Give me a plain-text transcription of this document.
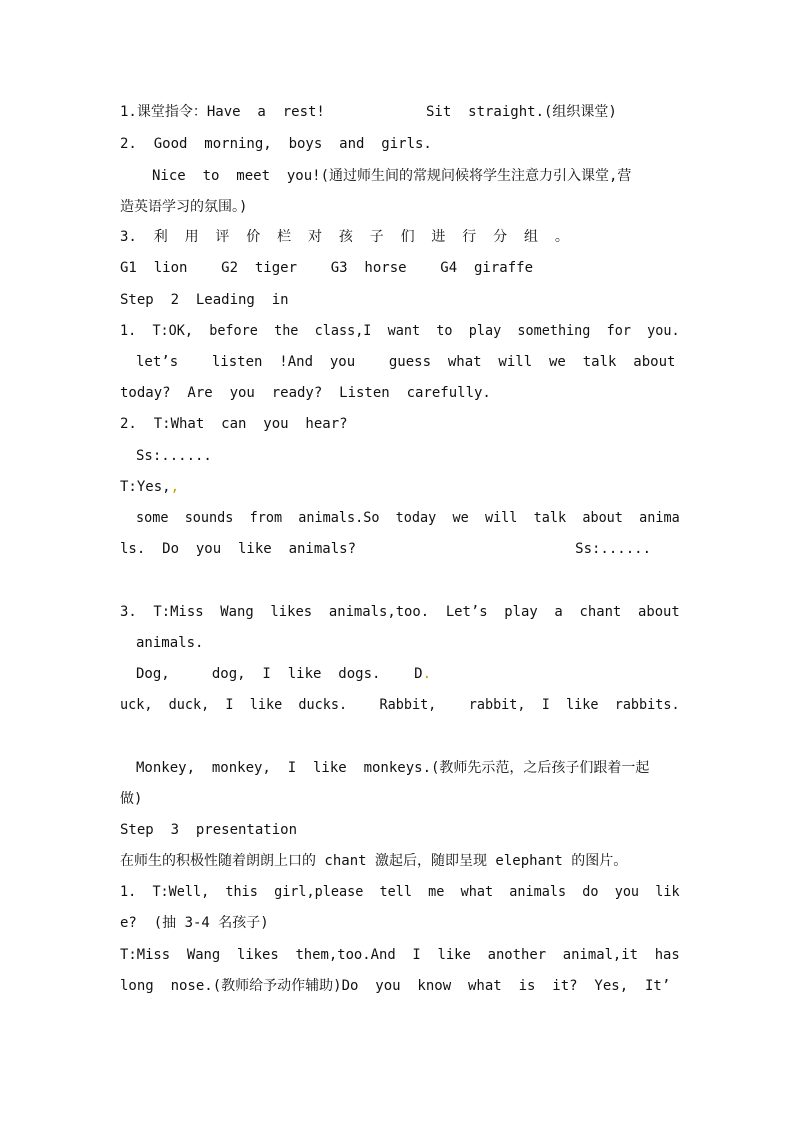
1.课堂指令：Have  a  rest!            Sit  straight.(组织课堂)
2.  Good  morning,  boys  and  girls.
Nice  to  meet  you!(通过师生间的常规问候将学生注意力引入课堂,营
造英语学习的氛围。)
3.  利  用  评  价  栏  对  孩  子  们  进  行  分  组  。
G1  lion    G2  tiger    G3  horse    G4  giraffe
Step  2  Leading  in
1.  T:OK,  before  the  class,I  want  to  play  something  for  you.
let’s    listen  !And  you    guess  what  will  we  talk  about
today?  Are  you  ready?  Listen  carefully.
2.  T:What  can  you  hear?
Ss:......
T:Yes,,
some  sounds  from  animals.So  today  we  will  talk  about  anima
ls.  Do  you  like  animals?                          Ss:......
3.  T:Miss  Wang  likes  animals,too.  Let’s  play  a  chant  about
animals.
Dog,     dog,  I  like  dogs.    D.
uck,  duck,  I  like  ducks.    Rabbit,    rabbit,  I  like  rabbits.
Monkey,  monkey,  I  like  monkeys.(教师先示范，之后孩子们跟着一起
做)
Step  3  presentation
在师生的积极性随着朗朗上口的 chant 激起后，随即呈现 elephant 的图片。
1.  T:Well,  this  girl,please  tell  me  what  animals  do  you  lik
e?  (抽 3-4 名孩子)
T:Miss  Wang  likes  them,too.And  I  like  another  animal,it  has
long  nose.(教师给予动作辅助)Do  you  know  what  is  it?  Yes,  It’
